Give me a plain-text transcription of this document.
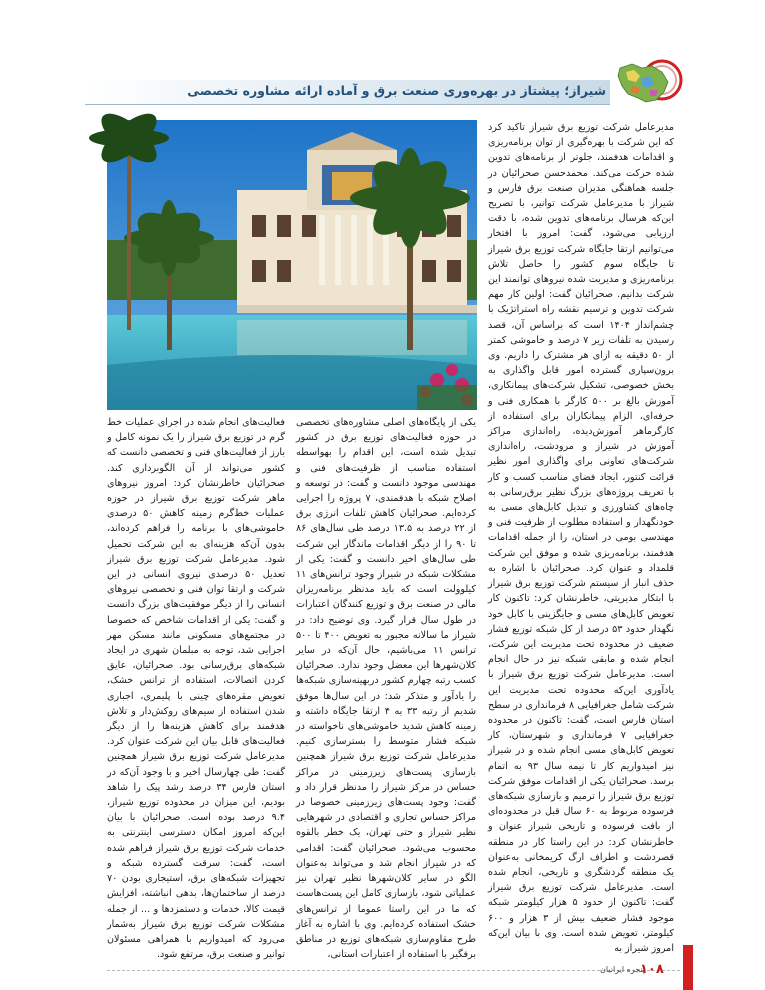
شیراز؛ پیشتاز در بهره‌وری صنعت برق و آماده ارائه مشاوره تخصصی

مدیرعامل شرکت توزیع برق شیراز تاکید کرد که این شرکت با بهره‌گیری از توان برنامه‌ریزی و اقدامات هدفمند، جلوتر از برنامه‌های تدوین شده حرکت می‌کند. محمدحسن صحرائیان در جلسه هماهنگی مدیران صنعت برق فارس و شیراز با مدیرعامل شرکت توانیر، با تصریح این‌که هرسال برنامه‌های تدوین شده، با دقت ارزیابی می‌شود، گفت: امروز با افتخار می‌توانیم ارتقا جایگاه شرکت توزیع برق شیراز تا جایگاه سوم کشور را حاصل تلاش برنامه‌ریزی و مدیریت شده نیروهای توانمند این شرکت بدانیم. صحرائیان گفت: اولین کار مهم شرکت تدوین و ترسیم نقشه راه استراتژیک با چشم‌انداز ۱۴۰۴ است که براساس آن، قصد رسیدن به تلفات زیر ۷ درصد و خاموشی کمتر از ۵۰ دقیقه به ازای هر مشترک را داریم. وی برون‌سپاری گسترده امور قابل واگذاری به بخش خصوصی، تشکیل شرکت‌های پیمانکاری، آموزش بالغ بر ۵۰۰ کارگر با همکاری فنی و حرفه‌ای، الزام پیمانکاران برای استفاده از کارگرماهر آموزش‌دیده، راه‌اندازی مراکز آموزش در شیراز و مرودشت، راه‌اندازی شرکت‌های تعاونی برای واگذاری امور نظیر قرائت کنتور، ایجاد فضای مناسب کسب و کار با تعریف پروژه‌های بزرگ نظیر برق‌رسانی به چاه‌های کشاورزی و تبدیل کابل‌های مسی به خودنگهدار و استفاده مطلوب از ظرفیت فنی و مهندسی بومی در استان، را از جمله اقدامات هدفمند، برنامه‌ریزی شده و موفق این شرکت قلمداد و عنوان کرد. صحرائیان با اشاره به حذف انبار از سیستم شرکت توزیع برق شیراز با ابتکار مدیریتی، خاطرنشان کرد: تاکنون کار تعویض کابل‌های مسی و جایگزینی با کابل خود نگهدار حدود ۵۳ درصد از کل شبکه توزیع فشار ضعیف در محدوده تحت مدیریت این شرکت، انجام شده و مابقی شبکه نیز در حال انجام است. مدیرعامل شرکت توزیع برق شیراز با یادآوری این‌که محدوده تحت مدیریت این شرکت شامل جغرافیایی ۸ فرمانداری در سطح استان فارس است، گفت: تاکنون در محدوده جغرافیایی ۷ فرمانداری و شهرستان، کار تعویض کابل‌های مسی انجام شده و در شیراز نیز امیدواریم کار تا نیمه سال ۹۳ به اتمام برسد. صحرائیان یکی از اقدامات موفق شرکت توزیع برق شیراز را ترمیم و بازسازی شبکه‌های فرسوده مربوط به ۶۰ سال قبل در محدوده‌ای از بافت فرسوده و تاریخی شیراز عنوان و خاطرنشان کرد: در این راستا کار در منطقه قصردشت و اطراف ارگ کریمخانی به‌عنوان یک منطقه گردشگری و تاریخی، انجام شده است. مدیرعامل شرکت توزیع برق شیراز گفت: تاکنون از حدود ۵ هزار کیلومتر شبکه موجود فشار ضعیف بیش از ۳ هزار و ۶۰۰ کیلومتر، تعویض شده است. وی با بیان این‌که امروز شیراز به

یکی از پایگاه‌های اصلی مشاوره‌های تخصصی در حوزه فعالیت‌های توزیع برق در کشور تبدیل شده است، این اقدام را بهواسطه استفاده مناسب از ظرفیت‌های فنی و مهندسی موجود دانست و گفت: در توسعه و اصلاح شبکه با هدفمندی، ۷ پروژه را اجرایی کرده‌ایم. صحرائیان کاهش تلفات انرژی برق از ۲۲ درصد به ۱۳.۵ درصد طی سال‌های ۸۶ تا ۹۰ را از دیگر اقدامات ماندگار این شرکت طی سال‌های اخیر دانست و گفت: یکی از مشکلات شبکه در شیراز وجود ترانس‌های ۱۱ کیلوولت است که باید مدنظر برنامه‌ریزان مالی در صنعت برق و توزیع کنندگان اعتبارات در طول سال قرار گیرد. وی توضیح داد: در شیراز ما سالانه مجبور به تعویض ۴۰۰ تا ۵۰۰ ترانس ۱۱ می‌باشیم، حال آن‌که در سایر کلان‌شهرها این معضل وجود ندارد. صحرائیان کسب رتبه چهارم کشور در‌بهینه‌سازی شبکه‌ها را یادآور و متذکر شد: در این سال‌ها موفق شدیم از رتبه ۳۳ به ۴ ارتقا جایگاه داشته و زمینه کاهش شدید خاموشی‌های ناخواسته در شبکه فشار متوسط را بسترسازی کنیم. مدیرعامل شرکت توزیع برق شیراز همچنین بازسازی پست‌های زیرزمینی در مراکز حساس در مرکز شیراز را مدنظر قرار داد و گفت: وجود پست‌های زیرزمینی خصوصا در مراکز حساس تجاری و اقتصادی در شهرهایی نظیر شیراز و حتی تهران، یک خطر بالقوه محسوب می‌شود. صحرائیان گفت: اقدامی که در شیراز انجام شد و می‌تواند به‌عنوان الگو در سایر کلان‌شهرها نظیر تهران نیز عملیاتی شود، بازسازی کامل این پست‌هاست که ما در این راستا عموما از ترانس‌های خشک استفاده کرده‌ایم. وی با اشاره به آغاز طرح مقاوم‌سازی شبکه‌های توزیع در مناطق برفگیر با استفاده از اعتبارات استانی،

فعالیت‌های انجام شده در اجرای عملیات خط گرم در توزیع برق شیراز را یک نمونه کامل و بارز از فعالیت‌های فنی و تخصصی دانست که کشور می‌تواند از آن الگوبرداری کند. صحرائیان خاطرنشان کرد: امروز نیروهای ماهر شرکت توزیع برق شیراز در حوزه عملیات خط‌گرم زمینه کاهش ۵۰ درصدی خاموشی‌های با برنامه را فراهم کرده‌اند، بدون آن‌که هزینه‌ای به این شرکت تحمیل شود. مدیرعامل شرکت توزیع برق شیراز تعدیل ۵۰ درصدی نیروی انسانی در این شرکت و ارتقا توان فنی و تخصصی نیروهای انسانی را از دیگر موفقیت‌های بزرگ دانست و گفت: یکی از اقدامات شاخص که خصوصا در مجتمع‌های مسکونی مانند مسکن مهر اجرایی شد، توجه به مبلمان شهری در ایجاد شبکه‌های برق‌رسانی بود. صحرائیان، عایق کردن اتصالات، استفاده از ترانس خشک، تعویض مقره‌های چینی با پلیمری، اجباری شدن استفاده از سیم‌های روکش‌دار و تلاش هدفمند برای کاهش هزینه‌ها را از دیگر فعالیت‌های قابل بیان این شرکت عنوان کرد. مدیرعامل شرکت توزیع برق شیراز همچنین گفت: طی چهارسال اخیر و با وجود آن‌که در استان فارس ۳۴ درصد رشد پیک را شاهد بودیم، این میزان در محدوده توزیع شیراز، ۹.۴ درصد بوده است. صحرائیان با بیان این‌که امروز امکان دسترسی اینترنتی به خدمات شرکت توزیع برق شیراز فراهم شده است، گفت: سرقت گسترده شبکه و تجهیزات شبکه‌های برق، استیجاری بودن ۷۰ درصد از ساختمان‌ها، بدهی انباشته، افزایش قیمت کالا، خدمات و دستمزدها و ... از جمله مشکلات شرکت توزیع برق شیراز به‌شمار می‌رود که امیدواریم با همراهی مسئولان توانیر و صنعت برق، مرتفع شود.

پنجره ایرانیان
۱۰۸
